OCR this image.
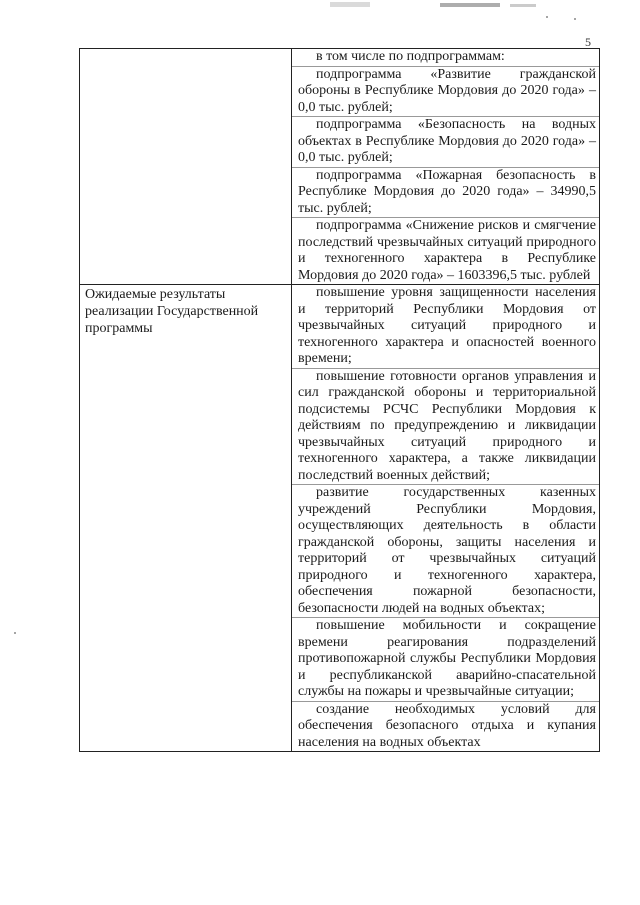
5

	в том числе по подпрограммам:

подпрограмма «Развитие гражданской обороны в Республике Мордовия до 2020 года» – 0,0 тыс. рублей;

подпрограмма «Безопасность на водных объектах в Республике Мордовия до 2020 года» – 0,0 тыс. рублей;

подпрограмма «Пожарная безопасность в Республике Мордовия до 2020 года» – 34990,5 тыс. рублей;

подпрограмма «Снижение рисков и смягчение последствий чрезвычайных ситуаций природного и техногенного характера в Республике Мордовия до 2020 года» – 1603396,5 тыс. рублей

Ожидаемые результаты реализации Государственной программы	повышение уровня защищенности населения и территорий Республики Мордовия от чрезвычайных ситуаций природного и техногенного характера и опасностей военного времени;

повышение готовности органов управления и сил гражданской обороны и территориальной подсистемы РСЧС Республики Мордовия к действиям по предупреждению и ликвидации чрезвычайных ситуаций природного и техногенного характера, а также ликвидации последствий военных действий;

развитие государственных казенных учреждений Республики Мордовия, осуществляющих деятельность в области гражданской обороны, защиты населения и территорий от чрезвычайных ситуаций природного и техногенного характера, обеспечения пожарной безопасности, безопасности людей на водных объектах;

повышение мобильности и сокращение времени реагирования подразделений противопожарной службы Республики Мордовия и республиканской аварийно-спасательной службы на пожары и чрезвычайные ситуации;

создание необходимых условий для обеспечения безопасного отдыха и купания населения на водных объектах
